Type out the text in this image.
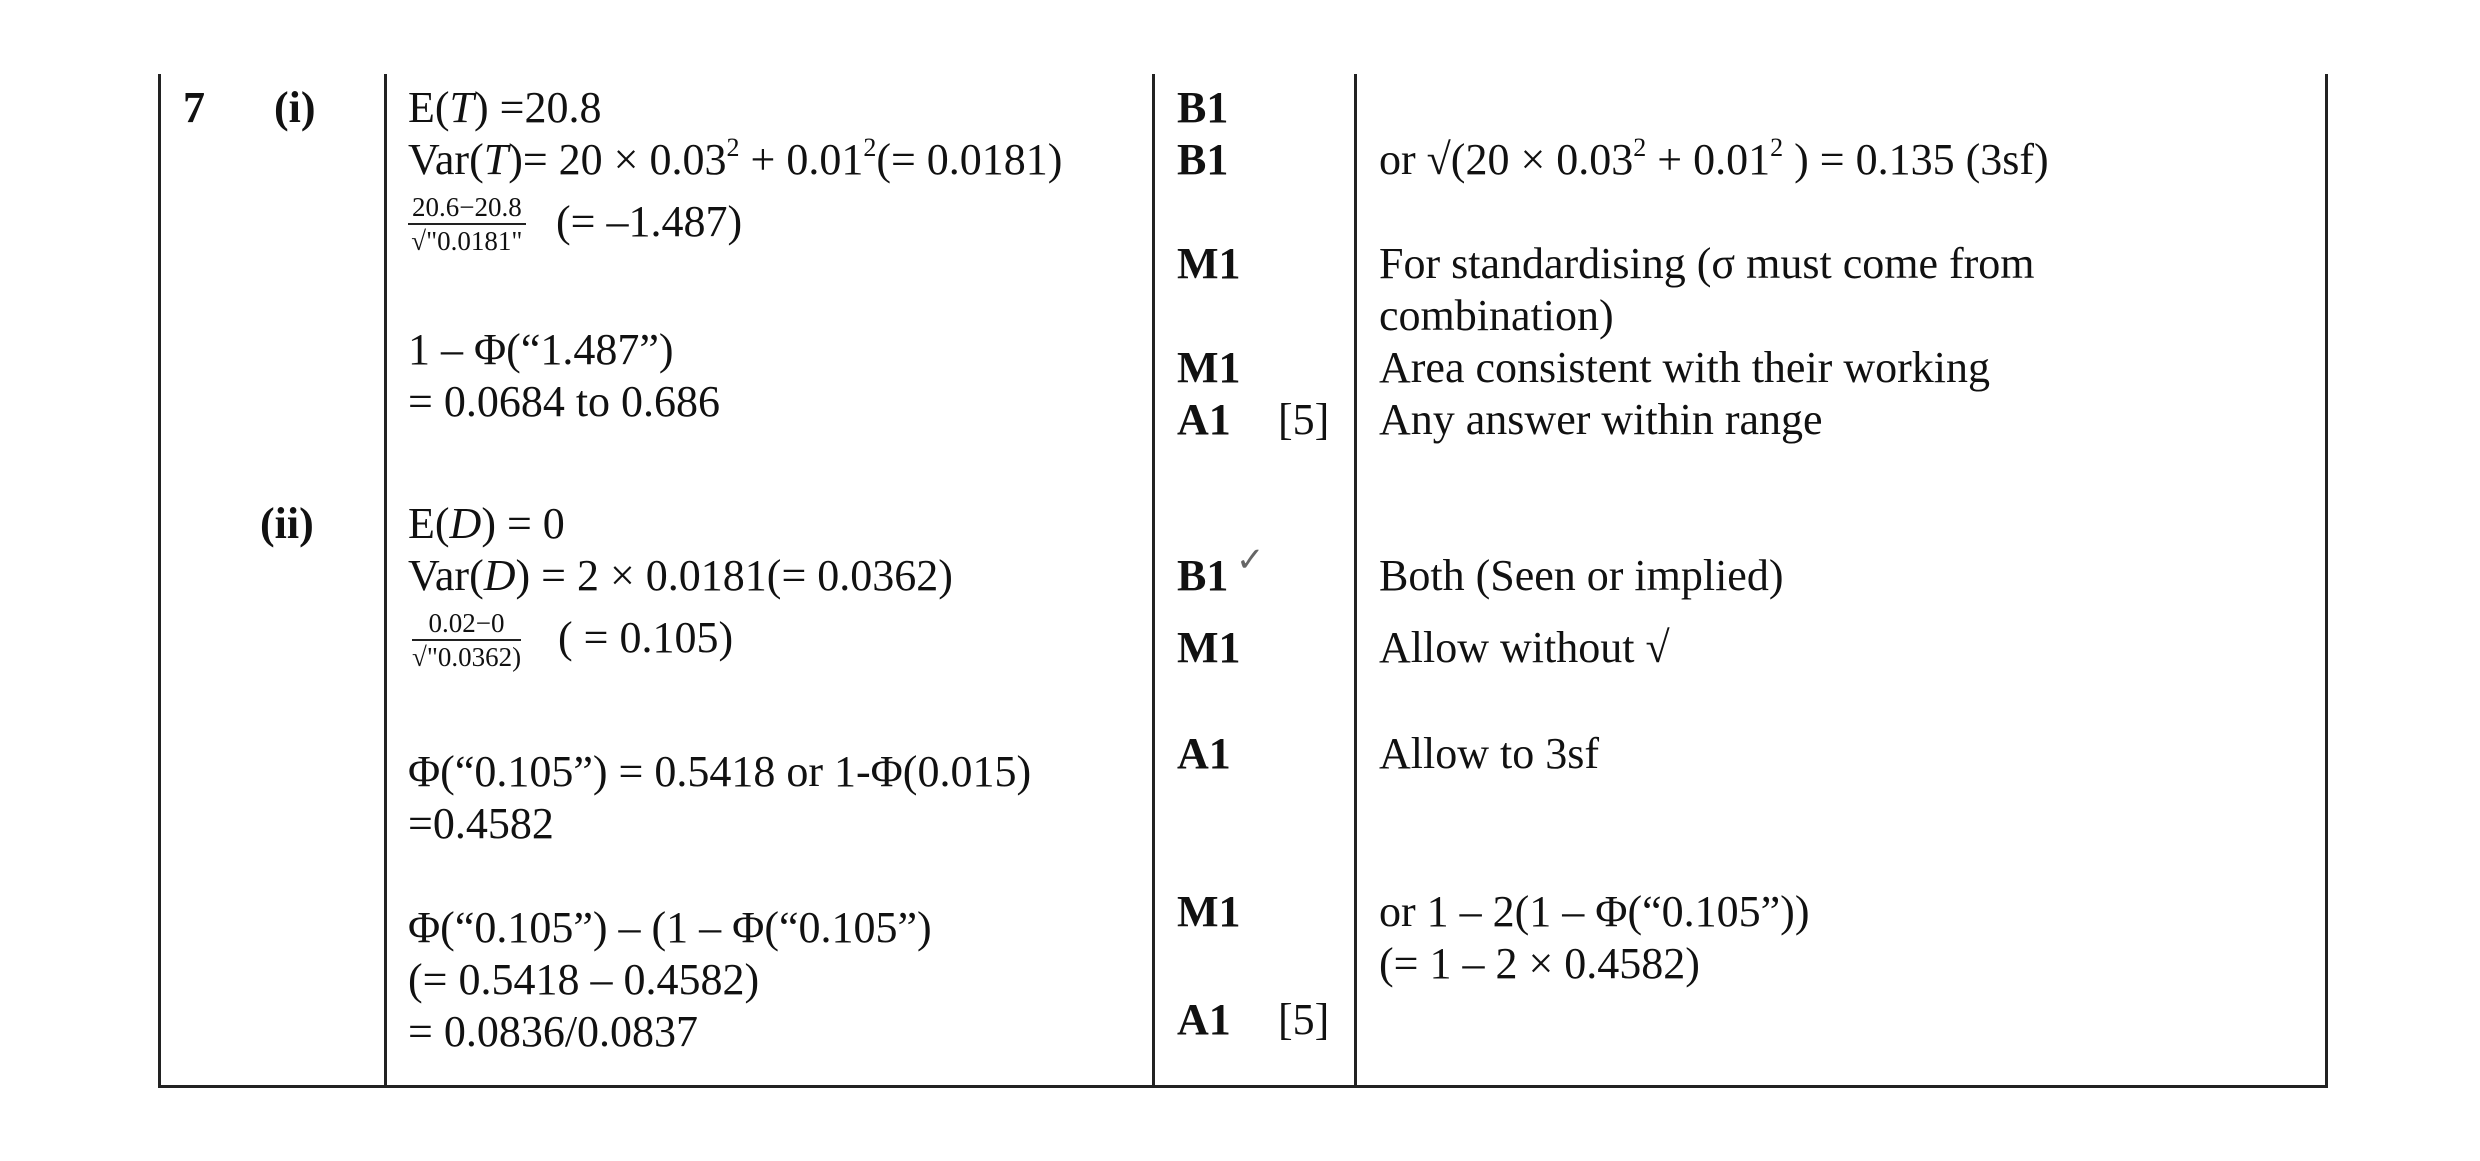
7 (i)
(ii)
E(T) =20.8
$Var(T)= 20 \times 0.03^2 + 0.01^2(= 0.0181)$
$\frac{20.6-20.8}{√"0.0181"}$ (= –1.487)
1 – Φ(“1.487”)
= 0.0684 to 0.686
B1
B1
M1
M1
A1 [5]
or $√(20 \times 0.03^2 + 0.01^2$ ) = 0.135 (3sf)
For standardising (σ must come from
combination)
Area consistent with their working
Any answer within range
E(D) = 0
Var(D) = 2 × 0.0181(= 0.0362)
$\frac{0.02-0}{√"0.0362)}$ ( = 0.105)
Φ(“0.105”) = 0.5418 or 1-Φ(0.015)
=0.4582
Φ(“0.105”) – (1 – Φ(“0.105”)
(= 0.5418 – 0.4582)
= 0.0836/0.0837
B1 ✓
M1
A1
M1
A1 [5]
Both (Seen or implied)
Allow without √
Allow to 3sf
or 1 – 2(1 – Φ(“0.105”))
(= 1 – 2 × 0.4582)
